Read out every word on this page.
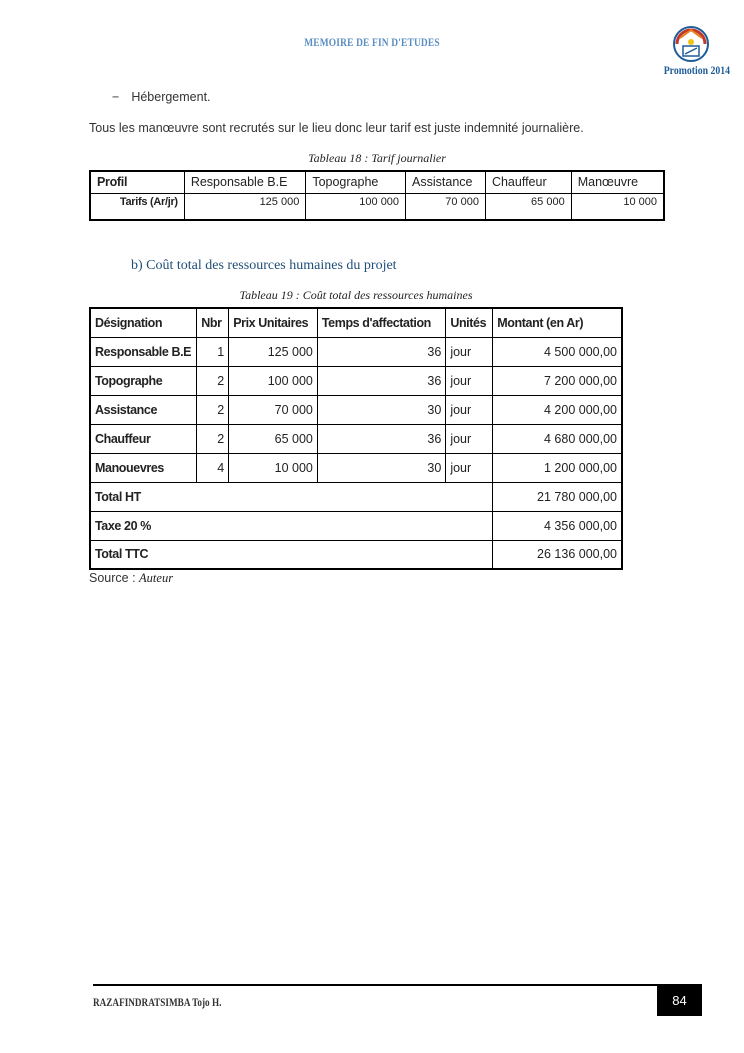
MEMOIRE DE FIN D'ETUDES
Promotion 2014
− Hébergement.
Tous les manœuvre sont recrutés sur le lieu donc leur tarif est juste indemnité journalière.
Tableau 18 : Tarif journalier
Profil	Responsable B.E	Topographe	Assistance	Chauffeur	Manœuvre
Tarifs (Ar/jr)	125 000	100 000	70 000	65 000	10 000
b) Coût total des ressources humaines du projet
Tableau 19 : Coût total des ressources humaines
Désignation	Nbr	Prix Unitaires	Temps d'affectation	Unités	Montant (en Ar)
Responsable B.E	1	125 000	36	jour	4 500 000,00
Topographe	2	100 000	36	jour	7 200 000,00
Assistance	2	70 000	30	jour	4 200 000,00
Chauffeur	2	65 000	36	jour	4 680 000,00
Manouevres	4	10 000	30	jour	1 200 000,00
Total HT					21 780 000,00
Taxe 20 %					4 356 000,00
Total TTC					26 136 000,00
Source : Auteur
RAZAFINDRATSIMBA Tojo H.	84
